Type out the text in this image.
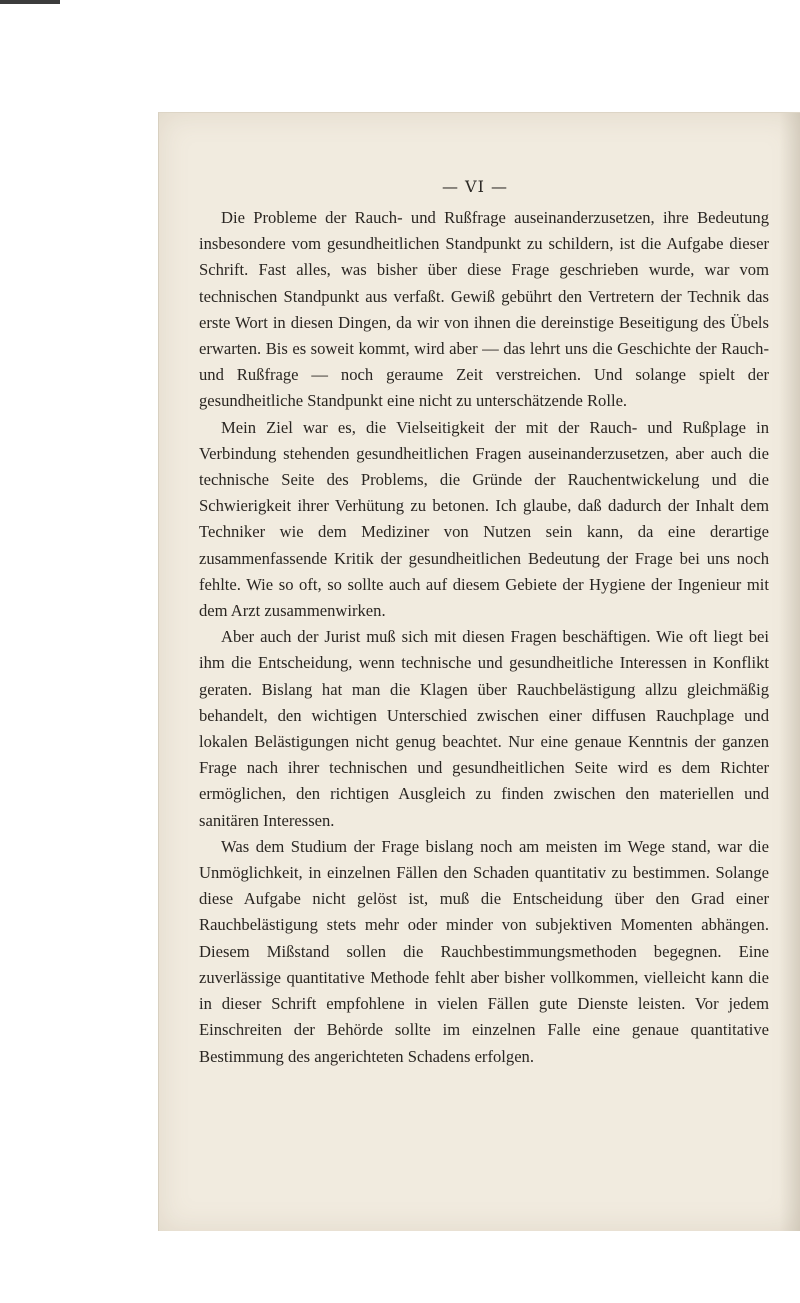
— VI —

Die Probleme der Rauch- und Rußfrage auseinanderzusetzen, ihre Bedeutung insbesondere vom gesundheitlichen Standpunkt zu schildern, ist die Aufgabe dieser Schrift. Fast alles, was bisher über diese Frage geschrieben wurde, war vom technischen Standpunkt aus verfaßt. Gewiß gebührt den Vertretern der Technik das erste Wort in diesen Dingen, da wir von ihnen die dereinstige Beseitigung des Übels erwarten. Bis es soweit kommt, wird aber — das lehrt uns die Geschichte der Rauch- und Rußfrage — noch geraume Zeit verstreichen. Und solange spielt der gesundheitliche Standpunkt eine nicht zu unterschätzende Rolle.

Mein Ziel war es, die Vielseitigkeit der mit der Rauch- und Rußplage in Verbindung stehenden gesundheitlichen Fragen auseinanderzusetzen, aber auch die technische Seite des Problems, die Gründe der Rauchentwickelung und die Schwierigkeit ihrer Verhütung zu betonen. Ich glaube, daß dadurch der Inhalt dem Techniker wie dem Mediziner von Nutzen sein kann, da eine derartige zusammenfassende Kritik der gesundheitlichen Bedeutung der Frage bei uns noch fehlte. Wie so oft, so sollte auch auf diesem Gebiete der Hygiene der Ingenieur mit dem Arzt zusammenwirken.

Aber auch der Jurist muß sich mit diesen Fragen beschäftigen. Wie oft liegt bei ihm die Entscheidung, wenn technische und gesundheitliche Interessen in Konflikt geraten. Bislang hat man die Klagen über Rauchbelästigung allzu gleichmäßig behandelt, den wichtigen Unterschied zwischen einer diffusen Rauchplage und lokalen Belästigungen nicht genug beachtet. Nur eine genaue Kenntnis der ganzen Frage nach ihrer technischen und gesundheitlichen Seite wird es dem Richter ermöglichen, den richtigen Ausgleich zu finden zwischen den materiellen und sanitären Interessen.

Was dem Studium der Frage bislang noch am meisten im Wege stand, war die Unmöglichkeit, in einzelnen Fällen den Schaden quantitativ zu bestimmen. Solange diese Aufgabe nicht gelöst ist, muß die Entscheidung über den Grad einer Rauchbelästigung stets mehr oder minder von subjektiven Momenten abhängen. Diesem Mißstand sollen die Rauchbestimmungsmethoden begegnen. Eine zuverlässige quantitative Methode fehlt aber bisher vollkommen, vielleicht kann die in dieser Schrift empfohlene in vielen Fällen gute Dienste leisten. Vor jedem Einschreiten der Behörde sollte im einzelnen Falle eine genaue quantitative Bestimmung des angerichteten Schadens erfolgen.
